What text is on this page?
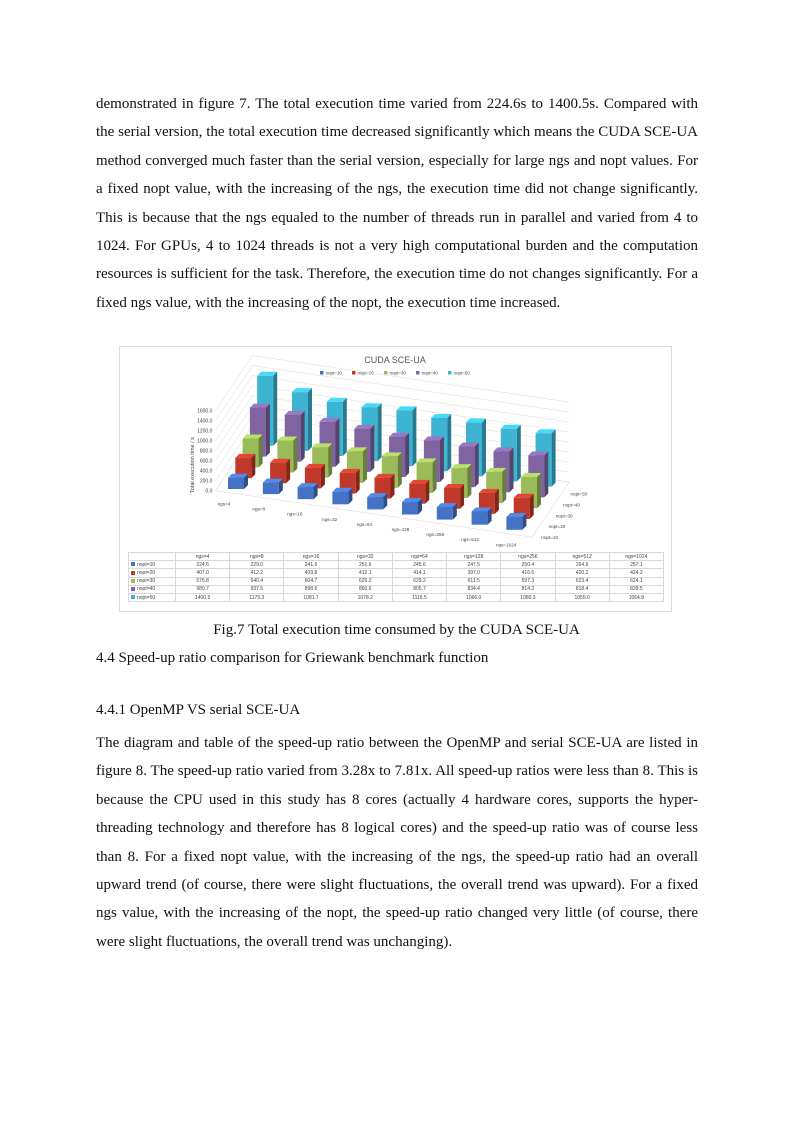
demonstrated in figure 7. The total execution time varied from 224.6s to 1400.5s. Compared with the serial version, the total execution time decreased significantly which means the CUDA SCE-UA method converged much faster than the serial version, especially for large ngs and nopt values. For a fixed nopt value, with the increasing of the ngs, the execution time did not change significantly. This is because that the ngs equaled to the number of threads run in parallel and varied from 4 to 1024. For GPUs, 4 to 1024 threads is not a very high computational burden and the computation resources is sufficient for the task. Therefore, the execution time do not changes significantly. For a fixed ngs value, with the increasing of the nopt, the execution time increased.
CUDA SCE-UA
nopt=10	nopt=20	nopt=30	nopt=40	nopt=50
0.0
200.0
400.0
600.0
800.0
1000.0
1200.0
1400.0
1600.0
ngs=4
ngs=8
ngs=16
ngs=32
ngs=64
ngs=128
ngs=256
ngs=512
ngs=1024
nopt=10
nopt=20
nopt=30
nopt=40
nopt=50
Total execution time / s
	ngs=4	ngs=8	ngs=16	ngs=32	ngs=64	ngs=128	ngs=256	ngs=512	ngs=1024
nopt=10	224.6	229.0	241.6	251.6	245.6	247.5	250.4	264.6	257.1
nopt=20	407.0	412.2	409.8	412.1	414.1	397.0	416.6	420.2	424.2
nopt=30	576.8	640.4	604.7	626.2	629.2	611.5	597.3	623.4	624.1
nopt=40	980.7	937.5	898.6	860.6	805.7	834.4	814.3	818.4	839.5
nopt=50	1400.5	1175.3	1081.7	1078.2	1115.5	1066.0	1080.3	1055.0	1064.8
Fig.7 Total execution time consumed by the CUDA SCE-UA
4.4 Speed-up ratio comparison for Griewank benchmark function
4.4.1 OpenMP VS serial SCE-UA
The diagram and table of the speed-up ratio between the OpenMP and serial SCE-UA are listed in figure 8. The speed-up ratio varied from 3.28x to 7.81x. All speed-up ratios were less than 8. This is because the CPU used in this study has 8 cores (actually 4 hardware cores, supports the hyper-threading technology and therefore has 8 logical cores) and the speed-up ratio was of course less than 8. For a fixed nopt value, with the increasing of the ngs, the speed-up ratio had an overall upward trend (of course, there were slight fluctuations, the overall trend was upward). For a fixed ngs value, with the increasing of the nopt, the speed-up ratio changed very little (of course, there were slight fluctuations, the overall trend was unchanging).
